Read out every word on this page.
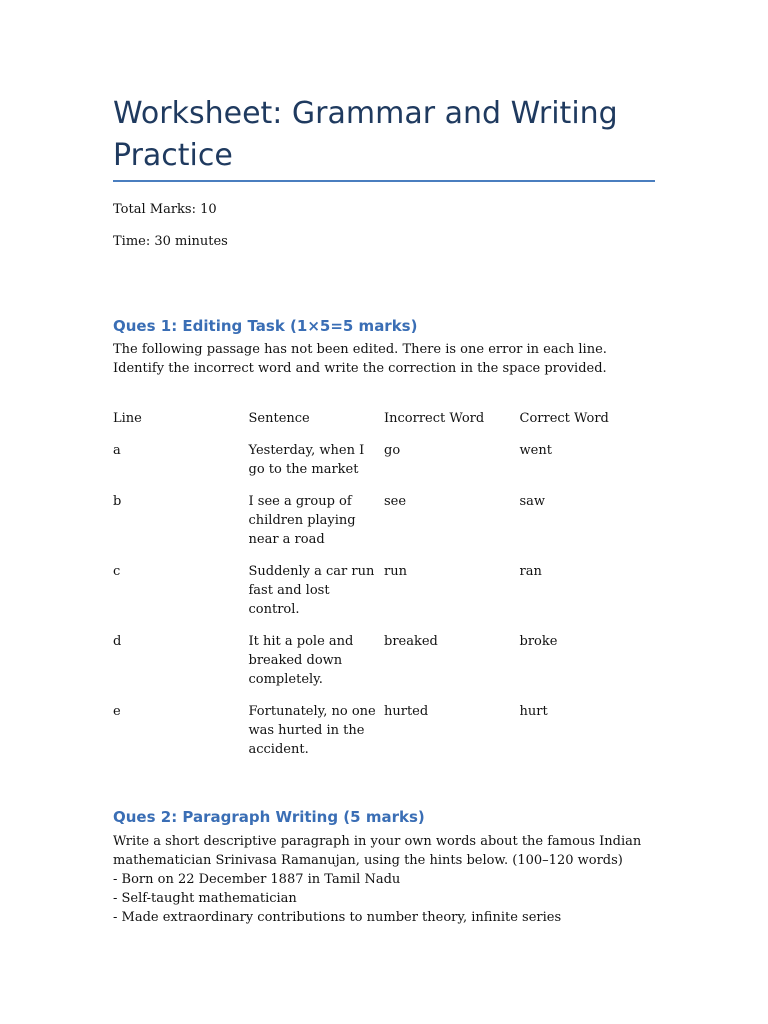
Worksheet: Grammar and Writing Practice

Total Marks: 10

Time: 30 minutes

Ques 1: Editing Task (1×5=5 marks)

The following passage has not been edited. There is one error in each line. Identify the incorrect word and write the correction in the space provided.

Line	Sentence	Incorrect Word	Correct Word
a	Yesterday, when I go to the market	go	went
b	I see a group of children playing near a road	see	saw
c	Suddenly a car run fast and lost control.	run	ran
d	It hit a pole and breaked down completely.	breaked	broke
e	Fortunately, no one was hurted in the accident.	hurted	hurt
Ques 2: Paragraph Writing (5 marks)

Write a short descriptive paragraph in your own words about the famous Indian mathematician Srinivasa Ramanujan, using the hints below. (100–120 words)

- Born on 22 December 1887 in Tamil Nadu
- Self-taught mathematician
- Made extraordinary contributions to number theory, infinite series
